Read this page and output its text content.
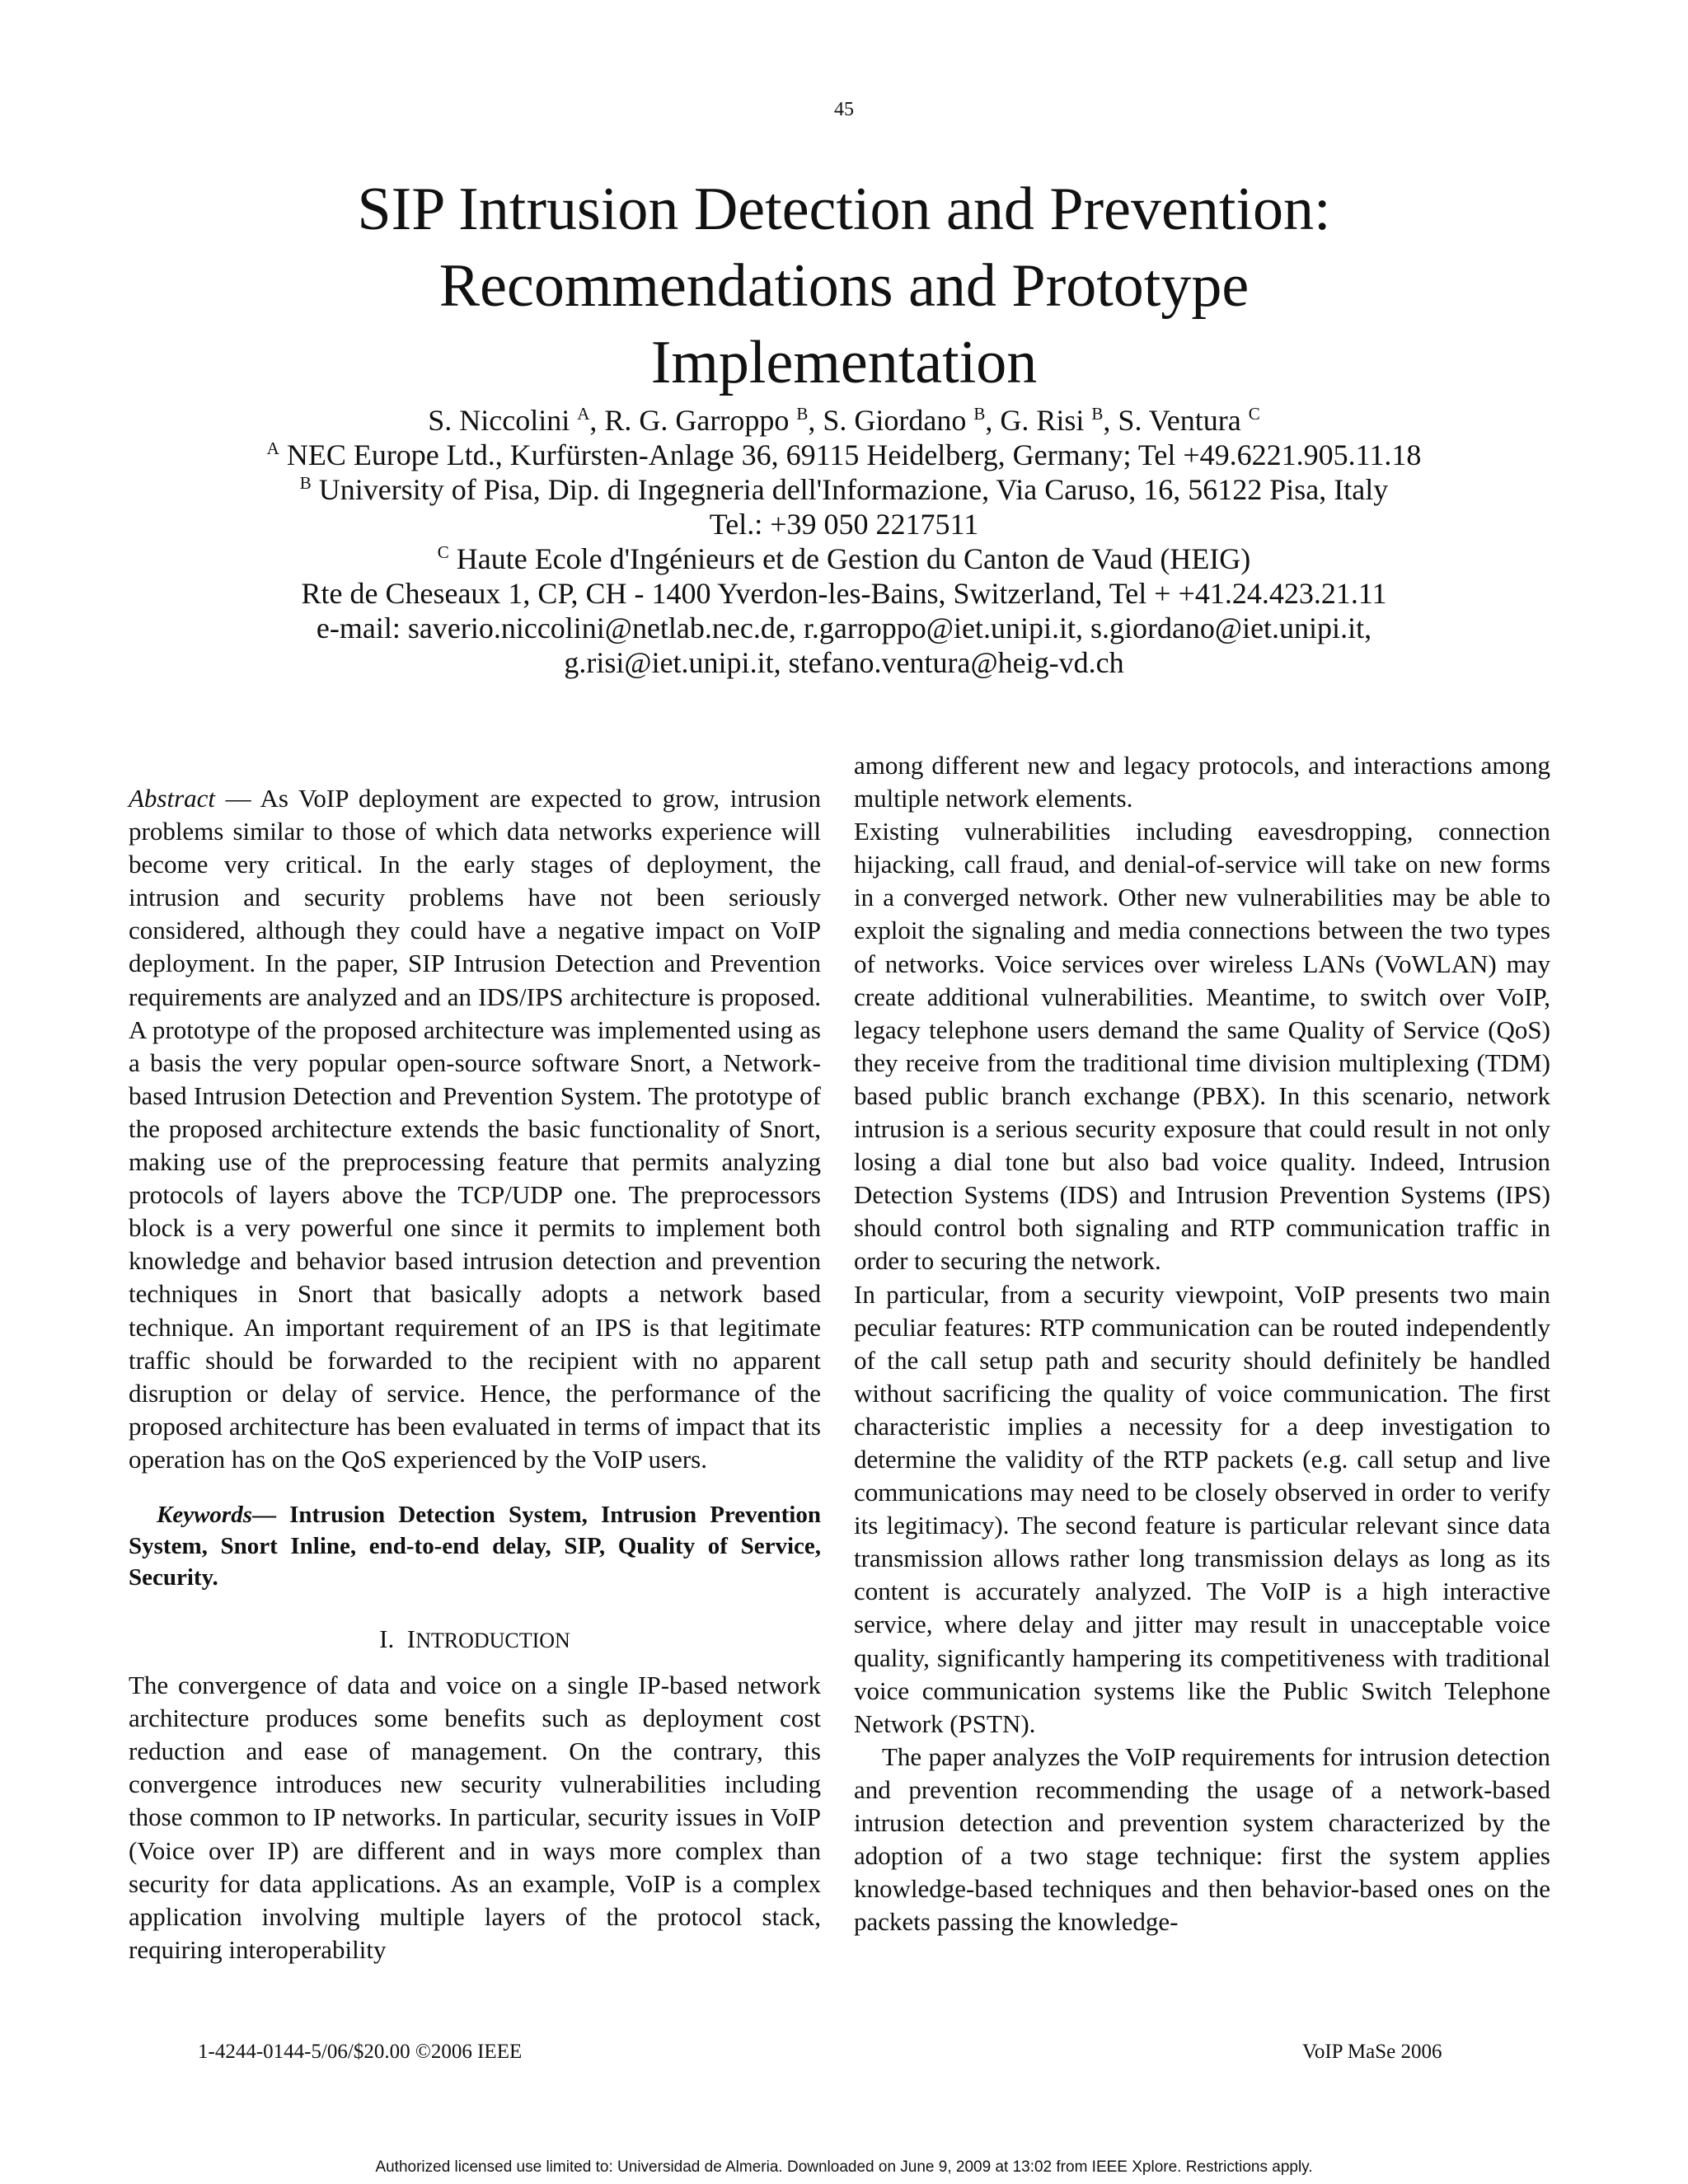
45
SIP Intrusion Detection and Prevention:
Recommendations and Prototype
Implementation
S. Niccolini $^A$, R. G. Garroppo $^B$, S. Giordano $^B$, G. Risi $^B$, S. Ventura $^C$
$^A$ NEC Europe Ltd., Kurfürsten-Anlage 36, 69115 Heidelberg, Germany; Tel +49.6221.905.11.18
$^B$ University of Pisa, Dip. di Ingegneria dell'Informazione, Via Caruso, 16, 56122 Pisa, Italy
Tel.: +39 050 2217511
$^C$ Haute Ecole d'Ingénieurs et de Gestion du Canton de Vaud (HEIG)
Rte de Cheseaux 1, CP, CH - 1400 Yverdon-les-Bains, Switzerland, Tel + +41.24.423.21.11
e-mail: saverio.niccolini@netlab.nec.de, r.garroppo@iet.unipi.it, s.giordano@iet.unipi.it,
g.risi@iet.unipi.it, stefano.ventura@heig-vd.ch

Abstract — As VoIP deployment are expected to grow, intrusion problems similar to those of which data networks experience will become very critical. In the early stages of deployment, the intrusion and security problems have not been seriously considered, although they could have a negative impact on VoIP deployment. In the paper, SIP Intrusion Detection and Prevention requirements are analyzed and an IDS/IPS architecture is proposed. A prototype of the proposed architecture was implemented using as a basis the very popular open-source software Snort, a Network-based Intrusion Detection and Prevention System. The prototype of the proposed architecture extends the basic functionality of Snort, making use of the preprocessing feature that permits analyzing protocols of layers above the TCP/UDP one. The preprocessors block is a very powerful one since it permits to implement both knowledge and behavior based intrusion detection and prevention techniques in Snort that basically adopts a network based technique. An important requirement of an IPS is that legitimate traffic should be forwarded to the recipient with no apparent disruption or delay of service. Hence, the performance of the proposed architecture has been evaluated in terms of impact that its operation has on the QoS experienced by the VoIP users.

Keywords— Intrusion Detection System, Intrusion Prevention System, Snort Inline, end-to-end delay, SIP, Quality of Service, Security.

I. INTRODUCTION

The convergence of data and voice on a single IP-based network architecture produces some benefits such as deployment cost reduction and ease of management. On the contrary, this convergence introduces new security vulnerabilities including those common to IP networks. In particular, security issues in VoIP (Voice over IP) are different and in ways more complex than security for data applications. As an example, VoIP is a complex application involving multiple layers of the protocol stack, requiring interoperability

among different new and legacy protocols, and interactions among multiple network elements.

Existing vulnerabilities including eavesdropping, connection hijacking, call fraud, and denial-of-service will take on new forms in a converged network. Other new vulnerabilities may be able to exploit the signaling and media connections between the two types of networks. Voice services over wireless LANs (VoWLAN) may create additional vulnerabilities. Meantime, to switch over VoIP, legacy telephone users demand the same Quality of Service (QoS) they receive from the traditional time division multiplexing (TDM) based public branch exchange (PBX). In this scenario, network intrusion is a serious security exposure that could result in not only losing a dial tone but also bad voice quality. Indeed, Intrusion Detection Systems (IDS) and Intrusion Prevention Systems (IPS) should control both signaling and RTP communication traffic in order to securing the network.

In particular, from a security viewpoint, VoIP presents two main peculiar features: RTP communication can be routed independently of the call setup path and security should definitely be handled without sacrificing the quality of voice communication. The first characteristic implies a necessity for a deep investigation to determine the validity of the RTP packets (e.g. call setup and live communications may need to be closely observed in order to verify its legitimacy). The second feature is particular relevant since data transmission allows rather long transmission delays as long as its content is accurately analyzed. The VoIP is a high interactive service, where delay and jitter may result in unacceptable voice quality, significantly hampering its competitiveness with traditional voice communication systems like the Public Switch Telephone Network (PSTN).

The paper analyzes the VoIP requirements for intrusion detection and prevention recommending the usage of a network-based intrusion detection and prevention system characterized by the adoption of a two stage technique: first the system applies knowledge-based techniques and then behavior-based ones on the packets passing the knowledge-

1-4244-0144-5/06/$20.00 ©2006 IEEE	VoIP MaSe 2006
Authorized licensed use limited to: Universidad de Almeria. Downloaded on June 9, 2009 at 13:02 from IEEE Xplore. Restrictions apply.
